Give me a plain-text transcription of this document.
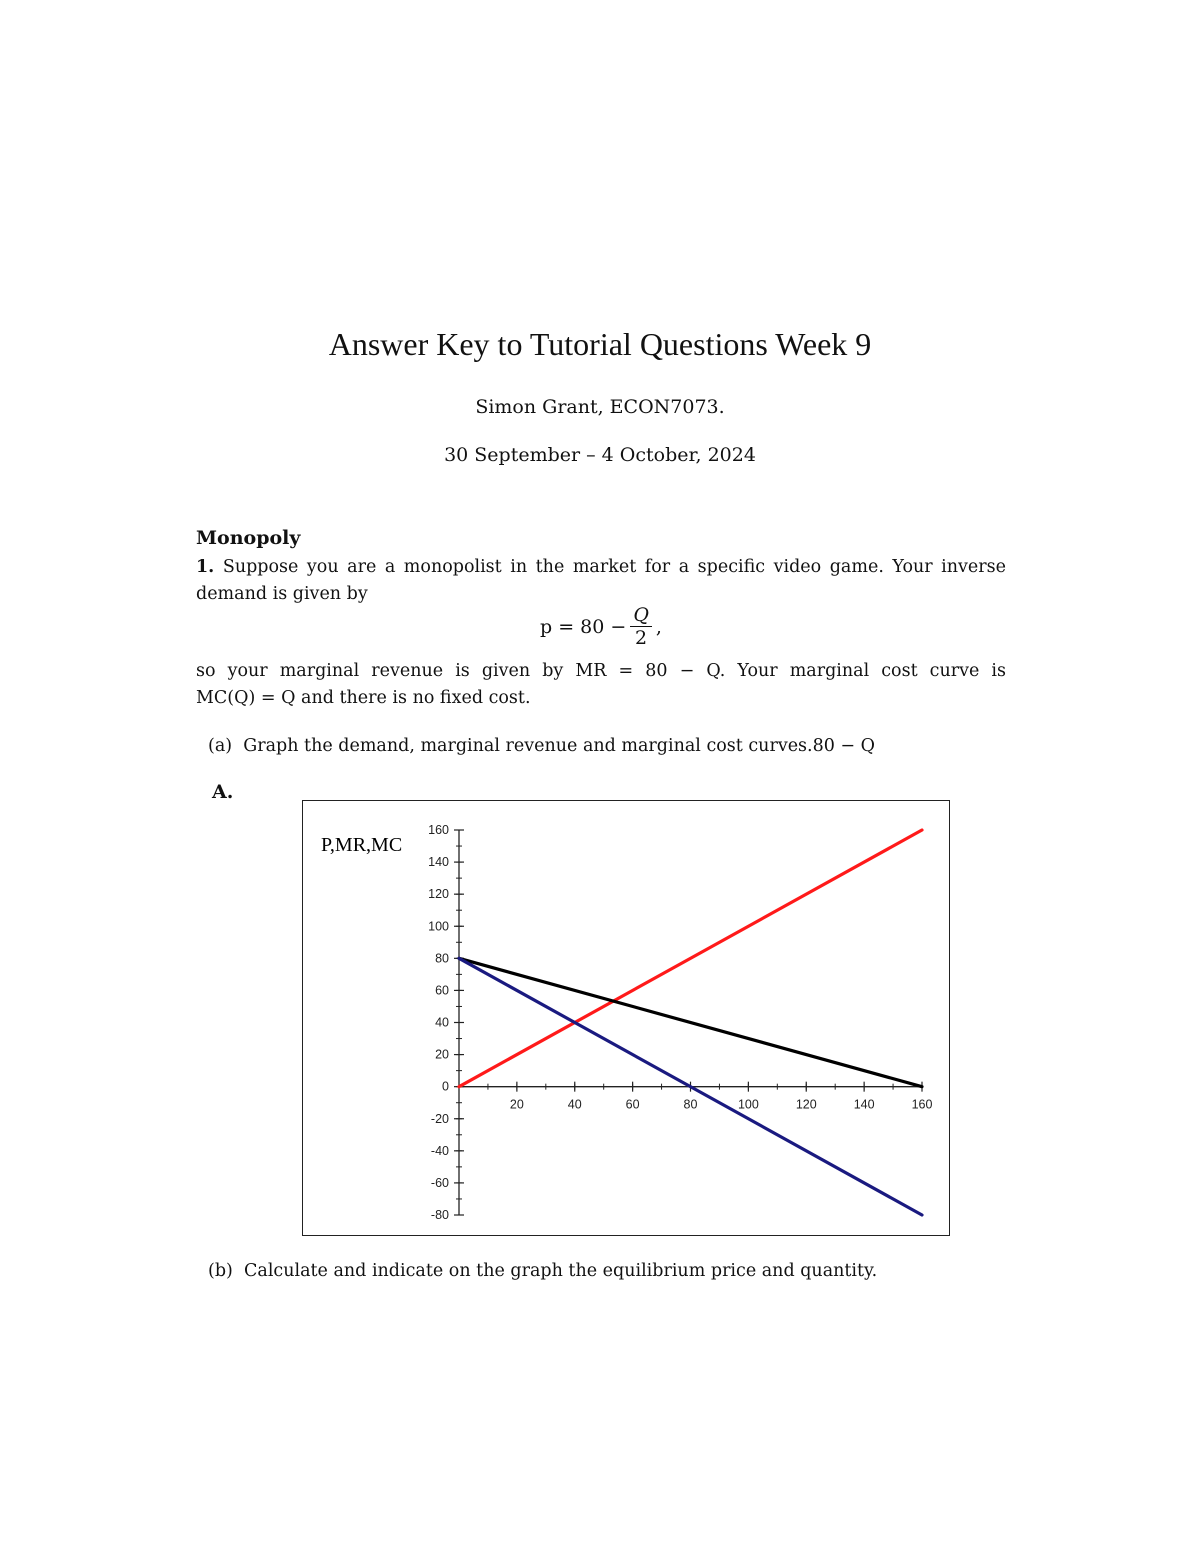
Answer Key to Tutorial Questions Week 9
Simon Grant, ECON7073.
30 September – 4 October, 2024
Monopoly
1. Suppose you are a monopolist in the market for a specific video game. Your inverse demand is given by
$p = 80 - \frac{Q}{2}$ ,
so your marginal revenue is given by MR = 80 − Q. Your marginal cost curve is
MC(Q) = Q and there is no fixed cost.
(a) Graph the demand, marginal revenue and marginal cost curves.80 − Q
A.
160
140
120
100
80
60
40
20
0
-20
-40
-60
-80
20	40	60	80	100	120	140	160
P,MR,MC
(b) Calculate and indicate on the graph the equilibrium price and quantity.
